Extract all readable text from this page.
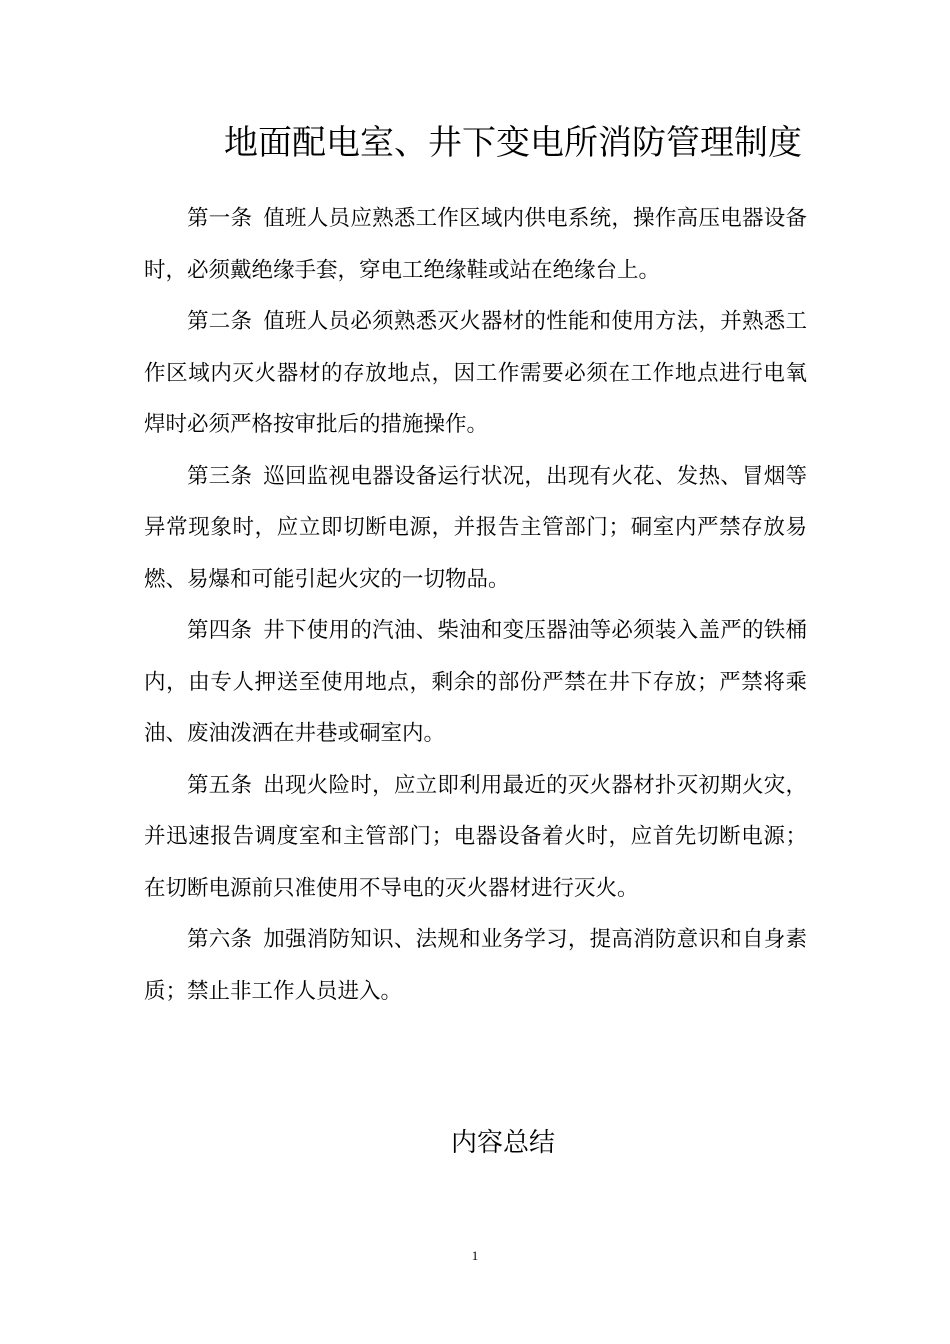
地面配电室、井下变电所消防管理制度

第一条 值班人员应熟悉工作区域内供电系统，操作高压电器设备时，必须戴绝缘手套，穿电工绝缘鞋或站在绝缘台上。

第二条 值班人员必须熟悉灭火器材的性能和使用方法，并熟悉工作区域内灭火器材的存放地点，因工作需要必须在工作地点进行电氧焊时必须严格按审批后的措施操作。

第三条 巡回监视电器设备运行状况，出现有火花、发热、冒烟等异常现象时，应立即切断电源，并报告主管部门；硐室内严禁存放易燃、易爆和可能引起火灾的一切物品。

第四条 井下使用的汽油、柴油和变压器油等必须装入盖严的铁桶内，由专人押送至使用地点，剩余的部份严禁在井下存放；严禁将乘油、废油泼洒在井巷或硐室内。

第五条 出现火险时，应立即利用最近的灭火器材扑灭初期火灾，并迅速报告调度室和主管部门；电器设备着火时，应首先切断电源；在切断电源前只准使用不导电的灭火器材进行灭火。

第六条 加强消防知识、法规和业务学习，提高消防意识和自身素质；禁止非工作人员进入。

内容总结
1
